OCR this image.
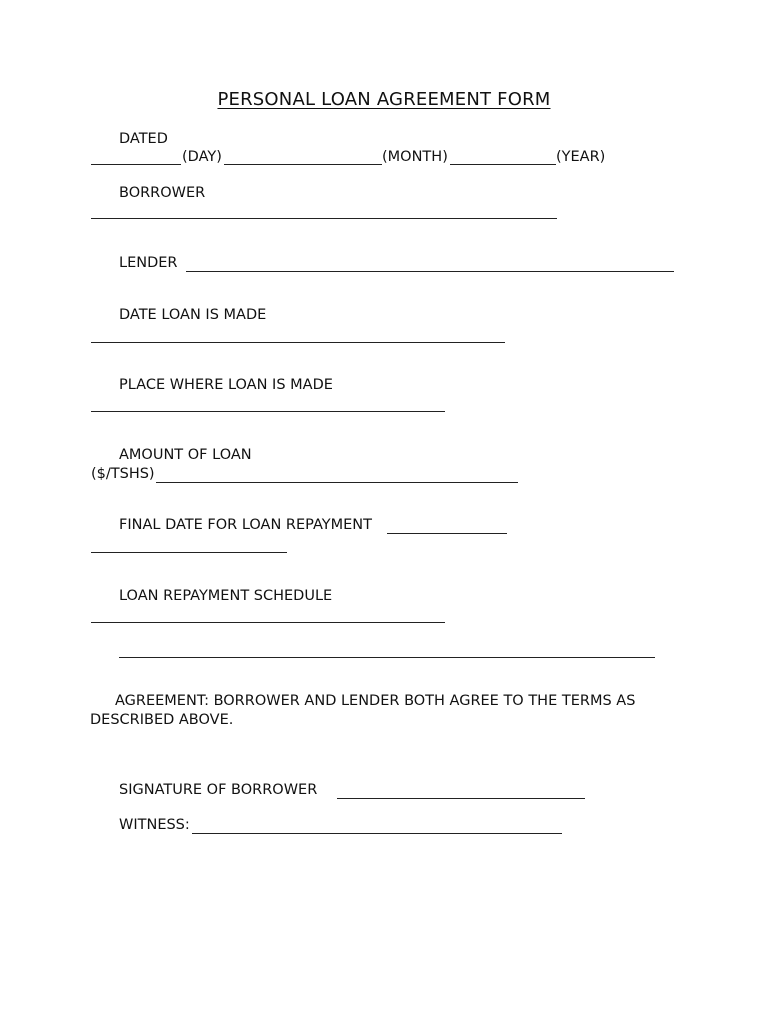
PERSONAL LOAN AGREEMENT FORM
DATED
(DAY)	(MONTH)	(YEAR)
BORROWER
LENDER
DATE LOAN IS MADE
PLACE WHERE LOAN IS MADE
AMOUNT OF LOAN
($/TSHS)
FINAL DATE FOR LOAN REPAYMENT
LOAN REPAYMENT SCHEDULE
AGREEMENT: BORROWER AND LENDER BOTH AGREE TO THE TERMS AS
DESCRIBED ABOVE.
SIGNATURE OF BORROWER
WITNESS:
